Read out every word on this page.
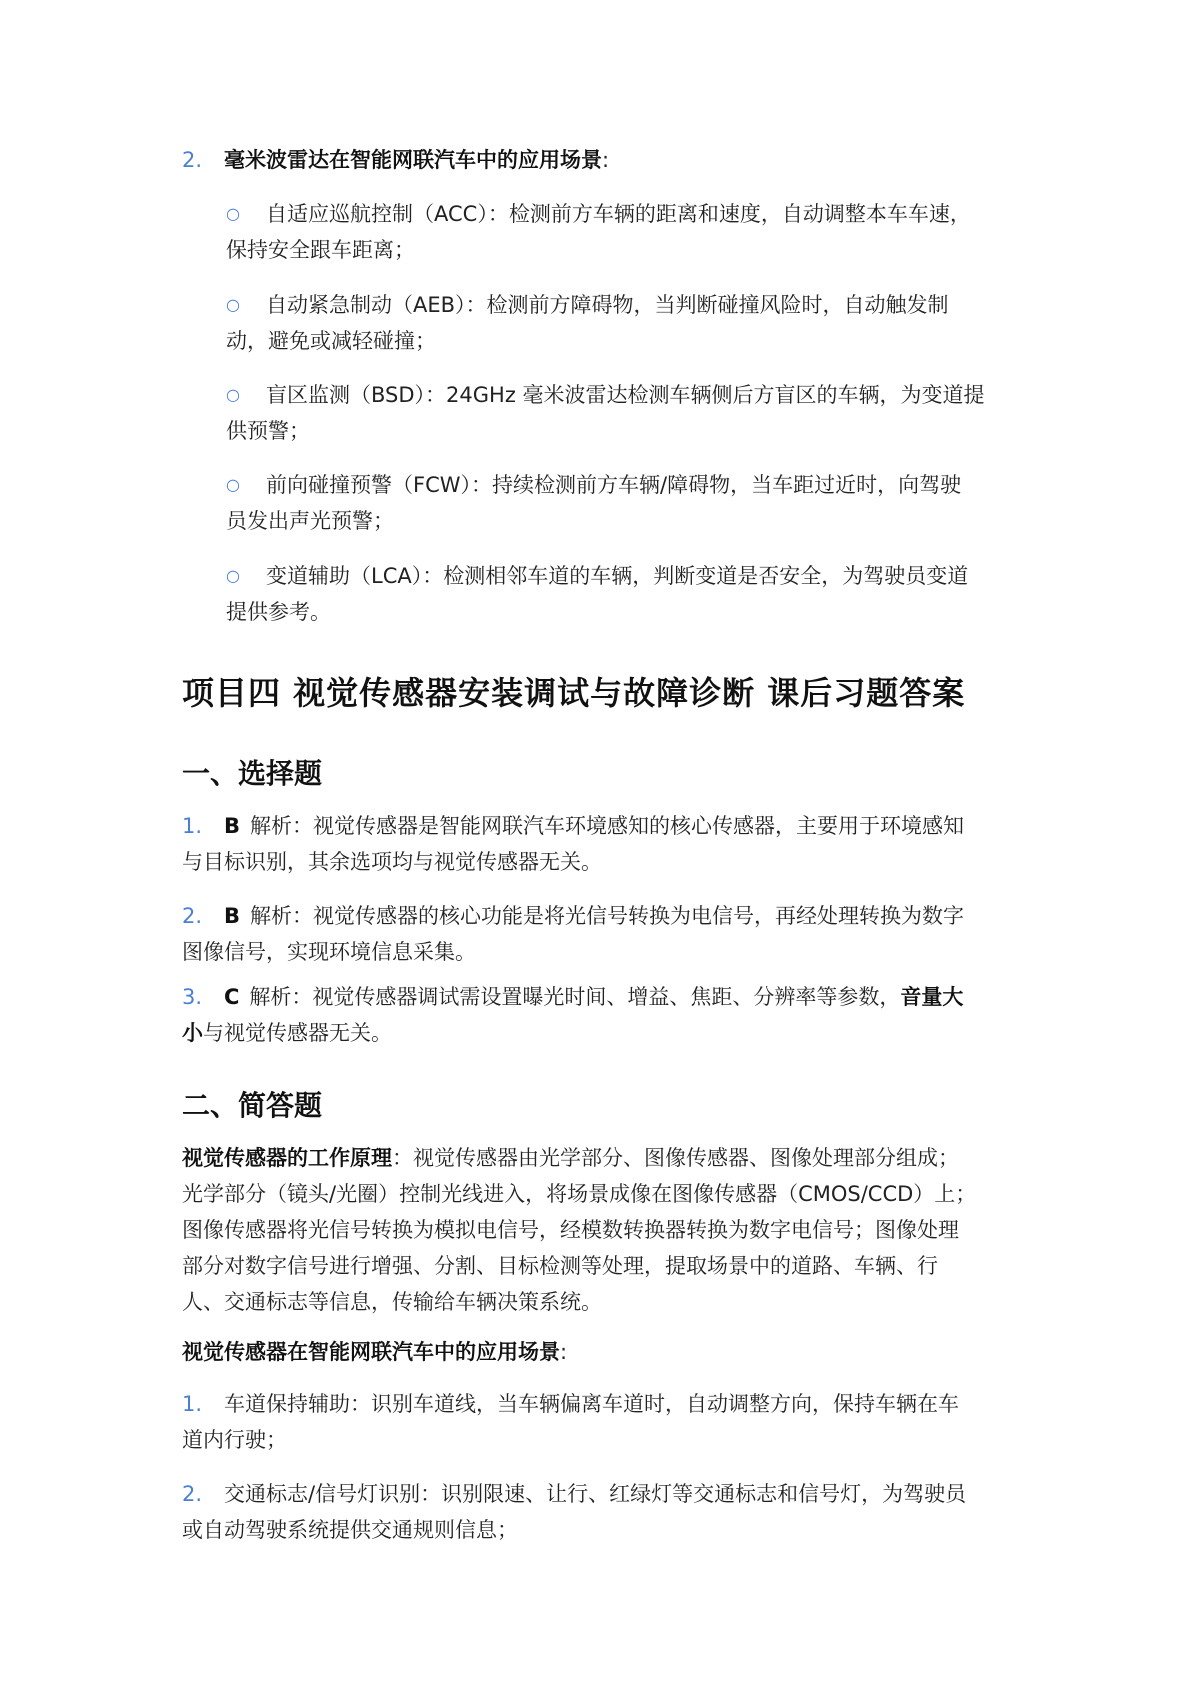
2. 毫米波雷达在智能网联汽车中的应用场景:
○ 自适应巡航控制（ACC）：检测前方车辆的距离和速度，自动调整本车车速，
保持安全跟车距离；
○ 自动紧急制动（AEB）：检测前方障碍物，当判断碰撞风险时，自动触发制
动，避免或减轻碰撞；
○ 盲区监测（BSD）：24GHz 毫米波雷达检测车辆侧后方盲区的车辆，为变道提
供预警；
○ 前向碰撞预警（FCW）：持续检测前方车辆/障碍物，当车距过近时，向驾驶
员发出声光预警；
○ 变道辅助（LCA）：检测相邻车道的车辆，判断变道是否安全，为驾驶员变道
提供参考。
项目四 视觉传感器安装调试与故障诊断 课后习题答案
一、选择题
1. B 解析：视觉传感器是智能网联汽车环境感知的核心传感器，主要用于环境感知
与目标识别，其余选项均与视觉传感器无关。
2. B 解析：视觉传感器的核心功能是将光信号转换为电信号，再经处理转换为数字
图像信号，实现环境信息采集。
3. C 解析：视觉传感器调试需设置曝光时间、增益、焦距、分辨率等参数，音量大
小与视觉传感器无关。
二、简答题
视觉传感器的工作原理：视觉传感器由光学部分、图像传感器、图像处理部分组成；
光学部分（镜头/光圈）控制光线进入，将场景成像在图像传感器（CMOS/CCD）上；
图像传感器将光信号转换为模拟电信号，经模数转换器转换为数字电信号；图像处理
部分对数字信号进行增强、分割、目标检测等处理，提取场景中的道路、车辆、行
人、交通标志等信息，传输给车辆决策系统。
视觉传感器在智能网联汽车中的应用场景:
1. 车道保持辅助：识别车道线，当车辆偏离车道时，自动调整方向，保持车辆在车
道内行驶；
2. 交通标志/信号灯识别：识别限速、让行、红绿灯等交通标志和信号灯，为驾驶员
或自动驾驶系统提供交通规则信息；
